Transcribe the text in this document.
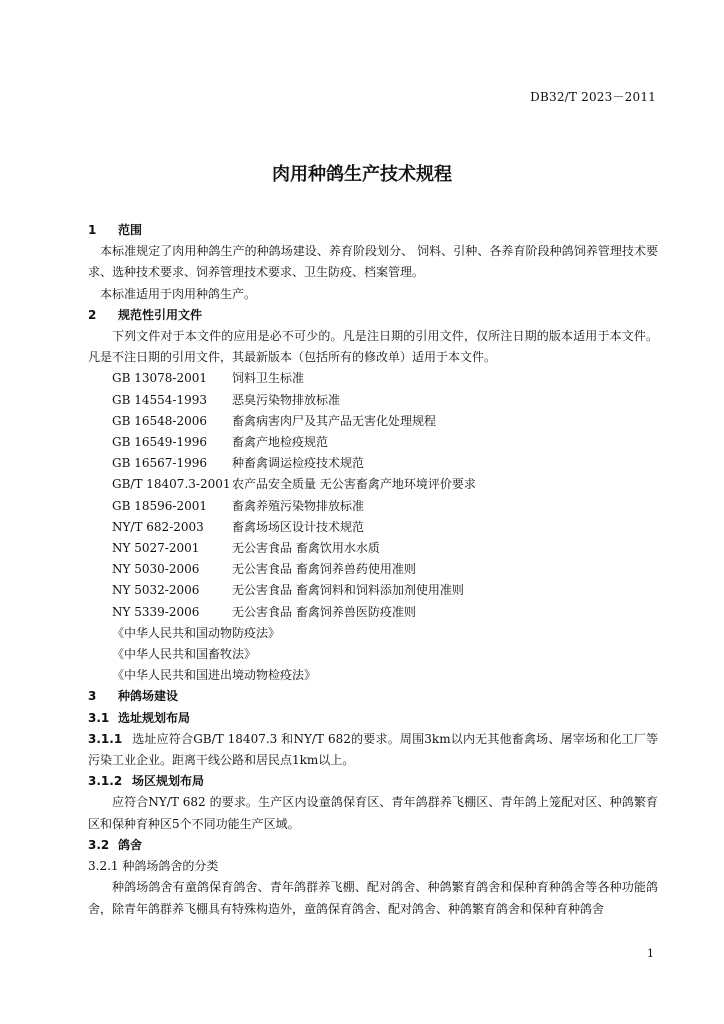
DB32/T 2023－2011
肉用种鸽生产技术规程
1 范围
本标准规定了肉用种鸽生产的种鸽场建设、养育阶段划分、 饲料、引种、各养育阶段种鸽饲养管理技术要求、选种技术要求、饲养管理技术要求、卫生防疫、档案管理。
本标准适用于肉用种鸽生产。
2 规范性引用文件
下列文件对于本文件的应用是必不可少的。凡是注日期的引用文件，仅所注日期的版本适用于本文件。凡是不注日期的引用文件，其最新版本（包括所有的修改单）适用于本文件。
GB 13078-2001 饲料卫生标准
GB 14554-1993 恶臭污染物排放标准
GB 16548-2006 畜禽病害肉尸及其产品无害化处理规程
GB 16549-1996 畜禽产地检疫规范
GB 16567-1996 种畜禽调运检疫技术规范
GB/T 18407.3-2001 农产品安全质量 无公害畜禽产地环境评价要求
GB 18596-2001 畜禽养殖污染物排放标准
NY/T 682-2003 畜禽场场区设计技术规范
NY 5027-2001	无公害食品 畜禽饮用水水质
NY 5030-2006	无公害食品 畜禽饲养兽药使用准则
NY 5032-2006	无公害食品 畜禽饲料和饲料添加剂使用准则
NY 5339-2006	无公害食品 畜禽饲养兽医防疫准则
《中华人民共和国动物防疫法》
《中华人民共和国畜牧法》
《中华人民共和国进出境动物检疫法》
3 种鸽场建设
3.1 选址规划布局
3.1.1 选址应符合GB/T 18407.3 和NY/T 682的要求。周围3km以内无其他畜禽场、屠宰场和化工厂等污染工业企业。距离干线公路和居民点1km以上。
3.1.2 场区规划布局
应符合NY/T 682 的要求。生产区内设童鸽保育区、青年鸽群养飞棚区、青年鸽上笼配对区、种鸽繁育区和保种育种区5个不同功能生产区域。
3.2 鸽舍
3.2.1 种鸽场鸽舍的分类
种鸽场鸽舍有童鸽保育鸽舍、青年鸽群养飞棚、配对鸽舍、种鸽繁育鸽舍和保种育种鸽舍等各种功能鸽舍，除青年鸽群养飞棚具有特殊构造外，童鸽保育鸽舍、配对鸽舍、种鸽繁育鸽舍和保种育种鸽舍
1
